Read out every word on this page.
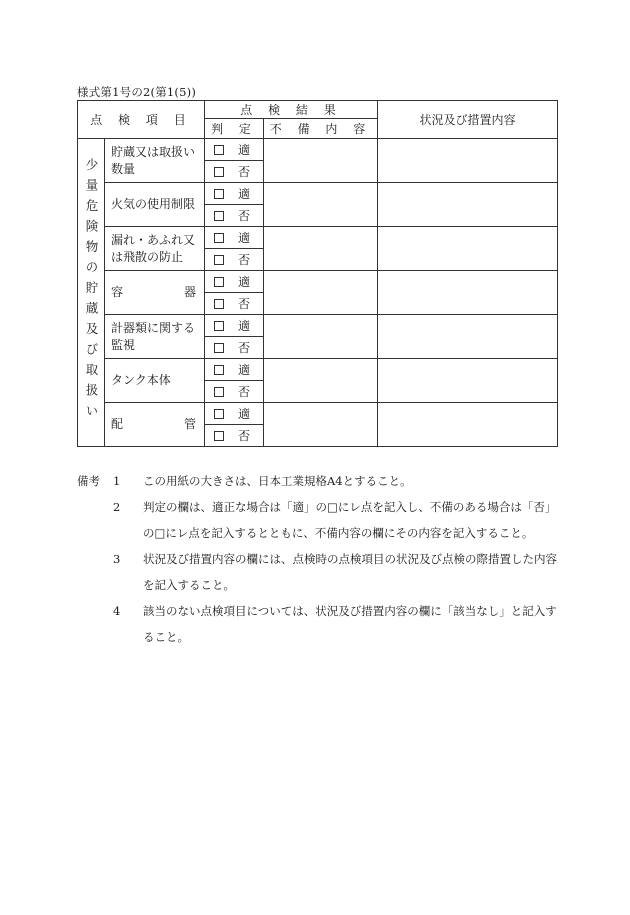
様式第1号の2(第1(5))
点 検 項 目		点 検 結 果		状況及び措置内容
		判 定	不 備 内 容	
少量危険物の貯蔵及び取扱い	貯蔵又は取扱い数量	適		
		否		
	火気の使用制限	適		
		否		
	漏れ・あふれ又は飛散の防止	適		
		否		

	容 器	適		
		否		
	計器類に関する監視	適		
		否		
	タンク本体	適		
		否		

	配 管	適		
		否		
備考 1 この用紙の大きさは、日本工業規格A4とすること。
2 判定の欄は、適正な場合は「適」の□にレ点を記入し、不備のある場合は「否」の□にレ点を記入するとともに、不備内容の欄にその内容を記入すること。
3 状況及び措置内容の欄には、点検時の点検項目の状況及び点検の際措置した内容を記入すること。
4 該当のない点検項目については、状況及び措置内容の欄に「該当なし」と記入すること。
